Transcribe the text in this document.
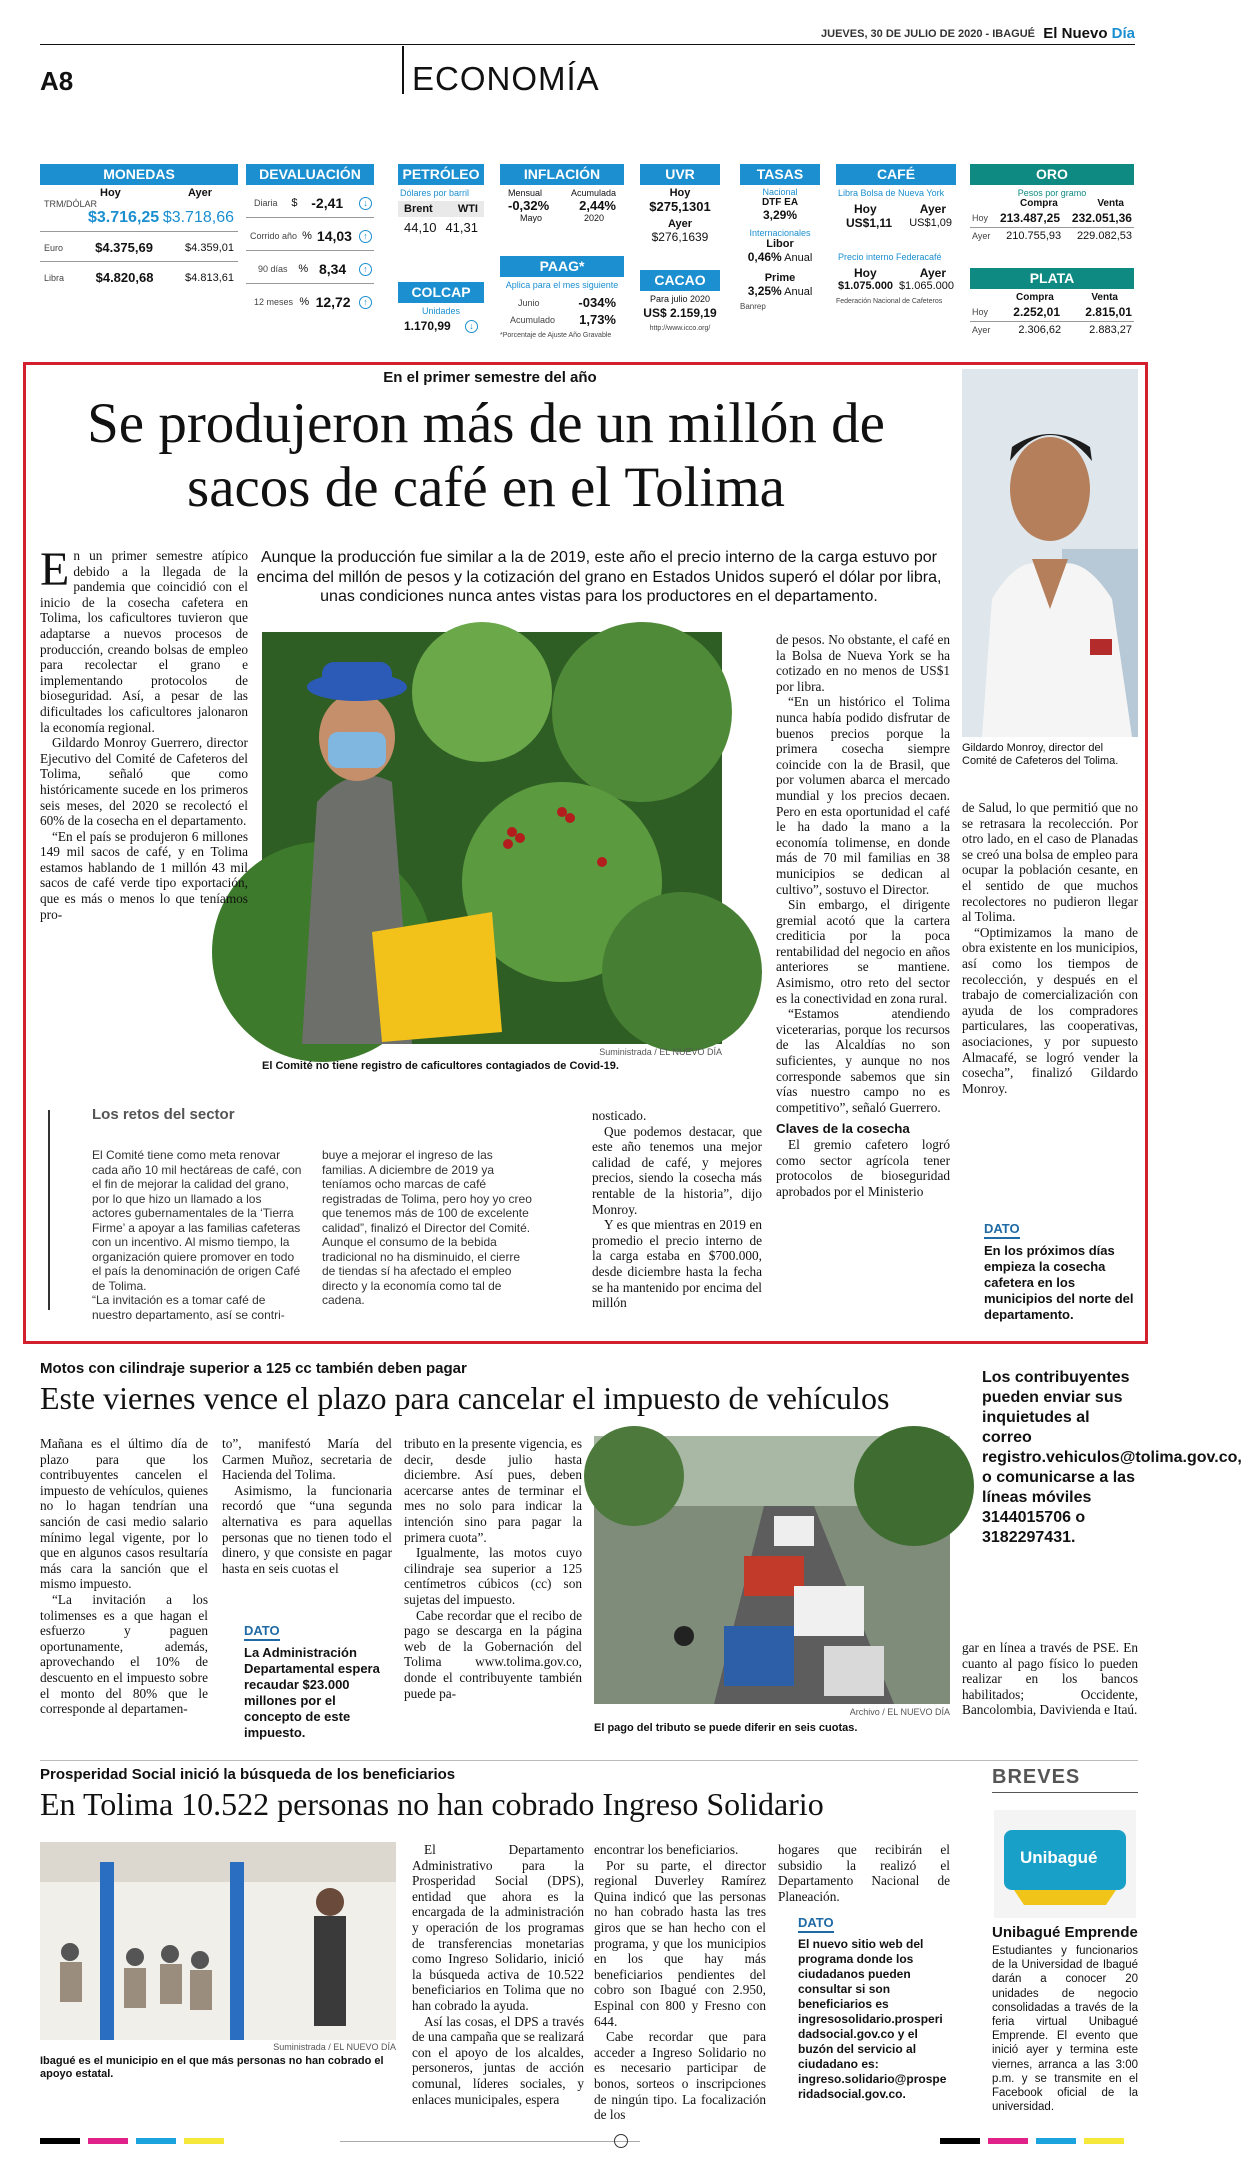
JUEVES, 30 DE JULIO DE 2020 - IBAGUÉ El Nuevo Día
A8	ECONOMÍA
MONEDAS
Hoy	Ayer
TRM/DÓLAR
$3.716,25 $3.718,66
Euro $4.375,69	$4.359,01
Libra $4.820,68	$4.813,61
DEVALUACIÓN
Diaria $ -2,41	↓
Corrido año % 14,03	↑
90 días % 8,34	↑
12 meses % 12,72	↑
PETRÓLEO
Dólares por barril
Brent WTI
44,10 41,31
COLCAP
Unidades
1.170,99	↓
INFLACIÓN
Mensual	Acumulada
-0,32% 2,44%
Mayo	2020
PAAG*
Aplica para el mes siguiente
Junio	-034%
Acumulado 1,73%
*Porcentaje de Ajuste Año Gravable
UVR
Hoy
$275,1301
Ayer
$276,1639
CACAO
Para julio 2020
US$ 2.159,19
http://www.icco.org/
TASAS
Nacional
DTF EA
3,29%
Internacionales
Libor
0,46% Anual
Prime
3,25% Anual
Banrep
CAFÉ
Libra Bolsa de Nueva York
Hoy	Ayer
US$1,11 US$1,09
Precio interno Federacafé
Hoy	Ayer
$1.075.000 $1.065.000
Federación Nacional de Cafeteros
ORO
Pesos por gramo
Compra	Venta
Hoy 213.487,25 232.051,36
Ayer 210.755,93 229.082,53
PLATA
Compra	Venta
Hoy 2.252,01 2.815,01
Ayer	2.306,62	2.883,27
En el primer semestre del año
Se produjeron más de un millón de sacos de café en el Tolima
Aunque la producción fue similar a la de 2019, este año el precio interno de la carga estuvo por encima del millón de pesos y la cotización del grano en Estados Unidos superó el dólar por libra, unas condiciones nunca antes vistas para los productores en el departamento.
Gildardo Monroy, director del Comité de Cafeteros del Tolima.
Suministrada / EL NUEVO DÍA
El Comité no tiene registro de caficultores contagiados de Covid-19.
E n un primer semestre atípico debido a la llegada de la pandemia que coincidió con el inicio de la cosecha cafetera en Tolima, los caficultores tuvieron que adaptarse a nuevos procesos de producción, creando bolsas de empleo para recolectar el grano e implementando protocolos de bioseguridad. Así, a pesar de las dificultades los caficultores jalonaron la economía regional.

Gildardo Monroy Guerrero, director Ejecutivo del Comité de Cafeteros del Tolima, señaló que como históricamente sucede en los primeros seis meses, del 2020 se recolectó el 60% de la cosecha en el departamento.

“En el país se produjeron 6 millones 149 mil sacos de café, y en Tolima estamos hablando de 1 millón 43 mil sacos de café verde tipo exportación, que es más o menos lo que teníamos pro-

de pesos. No obstante, el café en la Bolsa de Nueva York se ha cotizado en no menos de US$1 por libra.

“En un histórico el Tolima nunca había podido disfrutar de buenos precios porque la primera cosecha siempre coincide con la de Brasil, que por volumen abarca el mercado mundial y los precios decaen. Pero en esta oportunidad el café le ha dado la mano a la economía tolimense, en donde más de 70 mil familias en 38 municipios se dedican al cultivo”, sostuvo el Director.

Sin embargo, el dirigente gremial acotó que la cartera crediticia por la poca rentabilidad del negocio en años anteriores se mantiene. Asimismo, otro reto del sector es la conectividad en zona rural.

“Estamos atendiendo viceterarias, porque los recursos de las Alcaldías no son suficientes, y aunque no nos corresponde sabemos que sin vías nuestro campo no es competitivo”, señaló Guerrero.

Claves de la cosecha

El gremio cafetero logró como sector agrícola tener protocolos de bioseguridad aprobados por el Ministerio

de Salud, lo que permitió que no se retrasara la recolección. Por otro lado, en el caso de Planadas se creó una bolsa de empleo para ocupar la población cesante, en el sentido de que muchos recolectores no pudieron llegar al Tolima.

“Optimizamos la mano de obra existente en los municipios, así como los tiempos de recolección, y después en el trabajo de comercialización con ayuda de los compradores particulares, las cooperativas, asociaciones, y por supuesto Almacafé, se logró vender la cosecha”, finalizó Gildardo Monroy.

DATO
En los próximos días empieza la cosecha cafetera en los municipios del norte del departamento.
Los retos del sector

El Comité tiene como meta renovar cada año 10 mil hectáreas de café, con el fin de mejorar la calidad del grano, por lo que hizo un llamado a los actores gubernamentales de la ‘Tierra Firme’ a apoyar a las familias cafeteras con un incentivo. Al mismo tiempo, la organización quiere promover en todo el país la denominación de origen Café de Tolima.

“La invitación es a tomar café de nuestro departamento, así se contri-

buye a mejorar el ingreso de las familias. A diciembre de 2019 ya teníamos ocho marcas de café registradas de Tolima, pero hoy yo creo que tenemos más de 100 de excelente calidad”, finalizó el Director del Comité.

Aunque el consumo de la bebida tradicional no ha disminuido, el cierre de tiendas sí ha afectado el empleo directo y la economía como tal de cadena.

nosticado.

Que podemos destacar, que este año tenemos una mejor calidad de café, y mejores precios, siendo la cosecha más rentable de la historia”, dijo Monroy.

Y es que mientras en 2019 en promedio el precio interno de la carga estaba en $700.000, desde diciembre hasta la fecha se ha mantenido por encima del millón

Motos con cilindraje superior a 125 cc también deben pagar
Este viernes vence el plazo para cancelar el impuesto de vehículos

Mañana es el último día de plazo para que los contribuyentes cancelen el impuesto de vehículos, quienes no lo hagan tendrían una sanción de casi medio salario mínimo legal vigente, por lo que en algunos casos resultaría más cara la sanción que el mismo impuesto.

“La invitación a los tolimenses es a que hagan el esfuerzo y paguen oportunamente, además, aprovechando el 10% de descuento en el impuesto sobre el monto del 80% que le corresponde al departamen-

to”, manifestó María del Carmen Muñoz, secretaria de Hacienda del Tolima.

Asimismo, la funcionaria recordó que “una segunda alternativa es para aquellas personas que no tienen todo el dinero, y que consiste en pagar hasta en seis cuotas el

DATO
La Administración Departamental espera recaudar $23.000 millones por el concepto de este impuesto.

tributo en la presente vigencia, es decir, desde julio hasta diciembre. Así pues, deben acercarse antes de terminar el mes no solo para indicar la intención sino para pagar la primera cuota”.

Igualmente, las motos cuyo cilindraje sea superior a 125 centímetros cúbicos (cc) son sujetas del impuesto.

Cabe recordar que el recibo de pago se descarga en la página web de la Gobernación del Tolima www.tolima.gov.co, donde el contribuyente también puede pa-

Archivo / EL NUEVO DÍA
El pago del tributo se puede diferir en seis cuotas.
Los contribuyentes pueden enviar sus inquietudes al correo registro.vehiculos@tolima.gov.co, o comunicarse a las líneas móviles 3144015706 o 3182297431.

gar en línea a través de PSE. En cuanto al pago físico lo pueden realizar en los bancos habilitados; Occidente, Bancolombia, Davivienda e Itaú.

Prosperidad Social inició la búsqueda de los beneficiarios
En Tolima 10.522 personas no han cobrado Ingreso Solidario
Suministrada / EL NUEVO DÍA
Ibagué es el municipio en el que más personas no han cobrado el apoyo estatal.

El Departamento Administrativo para la Prosperidad Social (DPS), entidad que ahora es la encargada de la administración y operación de los programas de transferencias monetarias como Ingreso Solidario, inició la búsqueda activa de 10.522 beneficiarios en Tolima que no han cobrado la ayuda.

Así las cosas, el DPS a través de una campaña que se realizará con el apoyo de los alcaldes, personeros, juntas de acción comunal, líderes sociales, y enlaces municipales, espera

encontrar los beneficiarios.

Por su parte, el director regional Duverley Ramírez Quina indicó que las personas no han cobrado hasta las tres giros que se han hecho con el programa, y que los municipios en los que hay más beneficiarios pendientes del cobro son Ibagué con 2.950, Espinal con 800 y Fresno con 644.

Cabe recordar que para acceder a Ingreso Solidario no es necesario participar de bonos, sorteos o inscripciones de ningún tipo. La focalización de los

hogares que recibirán el subsidio la realizó el Departamento Nacional de Planeación.

DATO
El nuevo sitio web del programa donde los ciudadanos pueden consultar si son beneficiarios es ingresosolidario.prosperidadsocial.gov.co y el buzón del servicio al ciudadano es: ingreso.solidario@prosperidadsocial.gov.co.
BREVES
Unibagué
Unibagué Emprende
Estudiantes y funcionarios de la Universidad de Ibagué darán a conocer 20 unidades de negocio consolidadas a través de la feria virtual Unibagué Emprende. El evento que inició ayer y termina este viernes, arranca a las 3:00 p.m. y se transmite en el Facebook oficial de la universidad.
